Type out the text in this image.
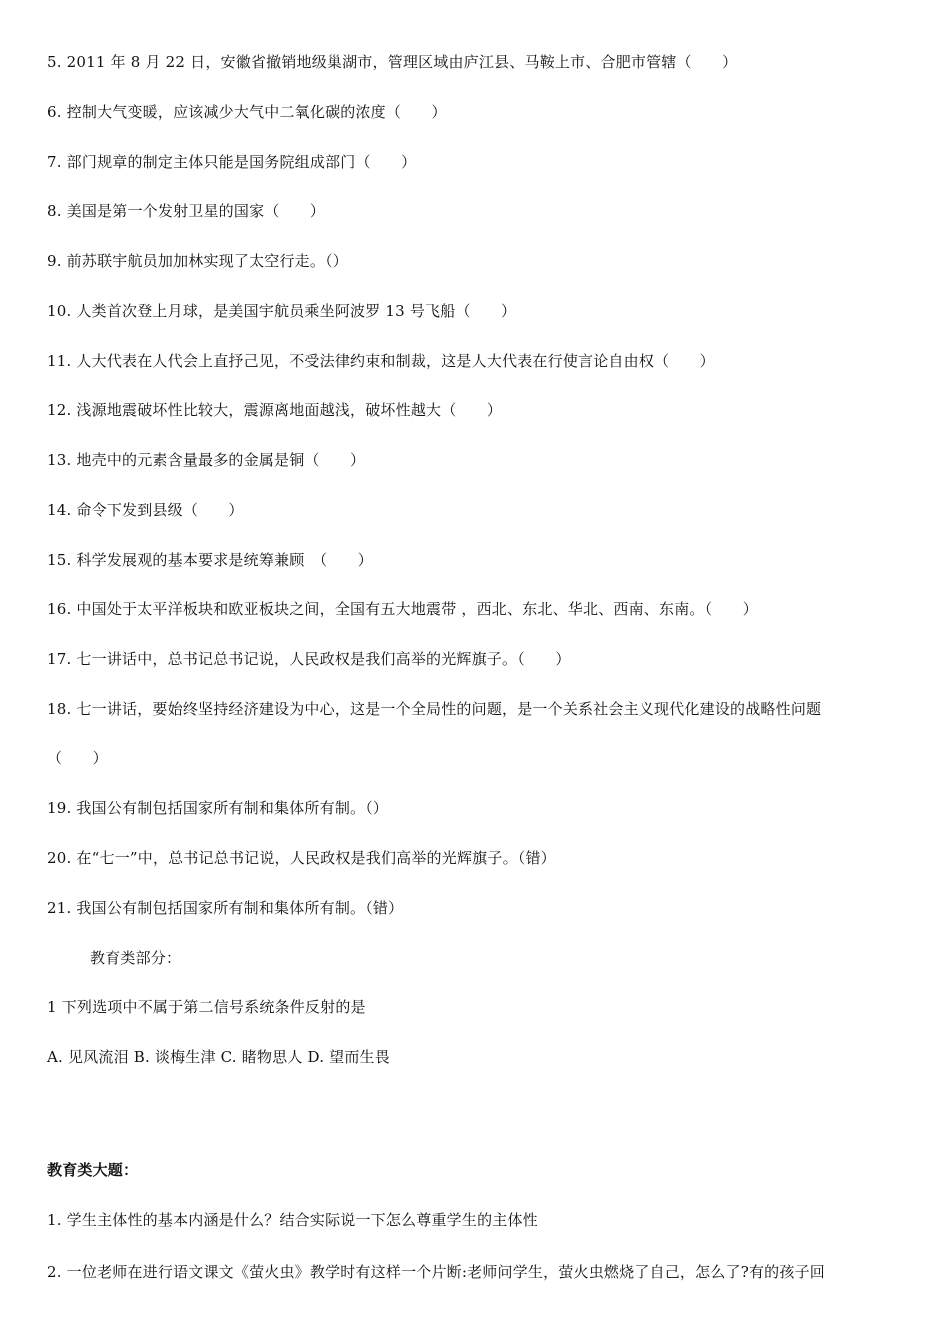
5. 2011 年 8 月 22 日，安徽省撤销地级巢湖市，管理区域由庐江县、马鞍上市、合肥市管辖（　　）
6. 控制大气变暖，应该减少大气中二氧化碳的浓度（　　）
7. 部门规章的制定主体只能是国务院组成部门（　　）
8. 美国是第一个发射卫星的国家（　　）
9. 前苏联宇航员加加林实现了太空行走。（）
10. 人类首次登上月球，是美国宇航员乘坐阿波罗 13 号飞船（　　）
11. 人大代表在人代会上直抒己见，不受法律约束和制裁，这是人大代表在行使言论自由权（　　）
12. 浅源地震破坏性比较大，震源离地面越浅，破坏性越大（　　）
13. 地壳中的元素含量最多的金属是铜（　　）
14. 命令下发到县级（　　）
15. 科学发展观的基本要求是统筹兼顾　（　　）
16. 中国处于太平洋板块和欧亚板块之间，全国有五大地震带 ，西北、东北、华北、西南、东南。（　　）
17. 七一讲话中，总书记总书记说，人民政权是我们高举的光辉旗子。（　　）
18. 七一讲话，要始终坚持经济建设为中心，这是一个全局性的问题，是一个关系社会主义现代化建设的战略性问题
（　　）
19. 我国公有制包括国家所有制和集体所有制。（）
20. 在“七一”中，总书记总书记说，人民政权是我们高举的光辉旗子。（错）
21. 我国公有制包括国家所有制和集体所有制。（错）
教育类部分：
1 下列选项中不属于第二信号系统条件反射的是
A. 见风流泪 B. 谈梅生津 C. 睹物思人 D. 望而生畏
教育类大题：
1. 学生主体性的基本内涵是什么？结合实际说一下怎么尊重学生的主体性
2. 一位老师在进行语文课文《萤火虫》教学时有这样一个片断:老师问学生，萤火虫燃烧了自己，怎么了?有的孩子回
